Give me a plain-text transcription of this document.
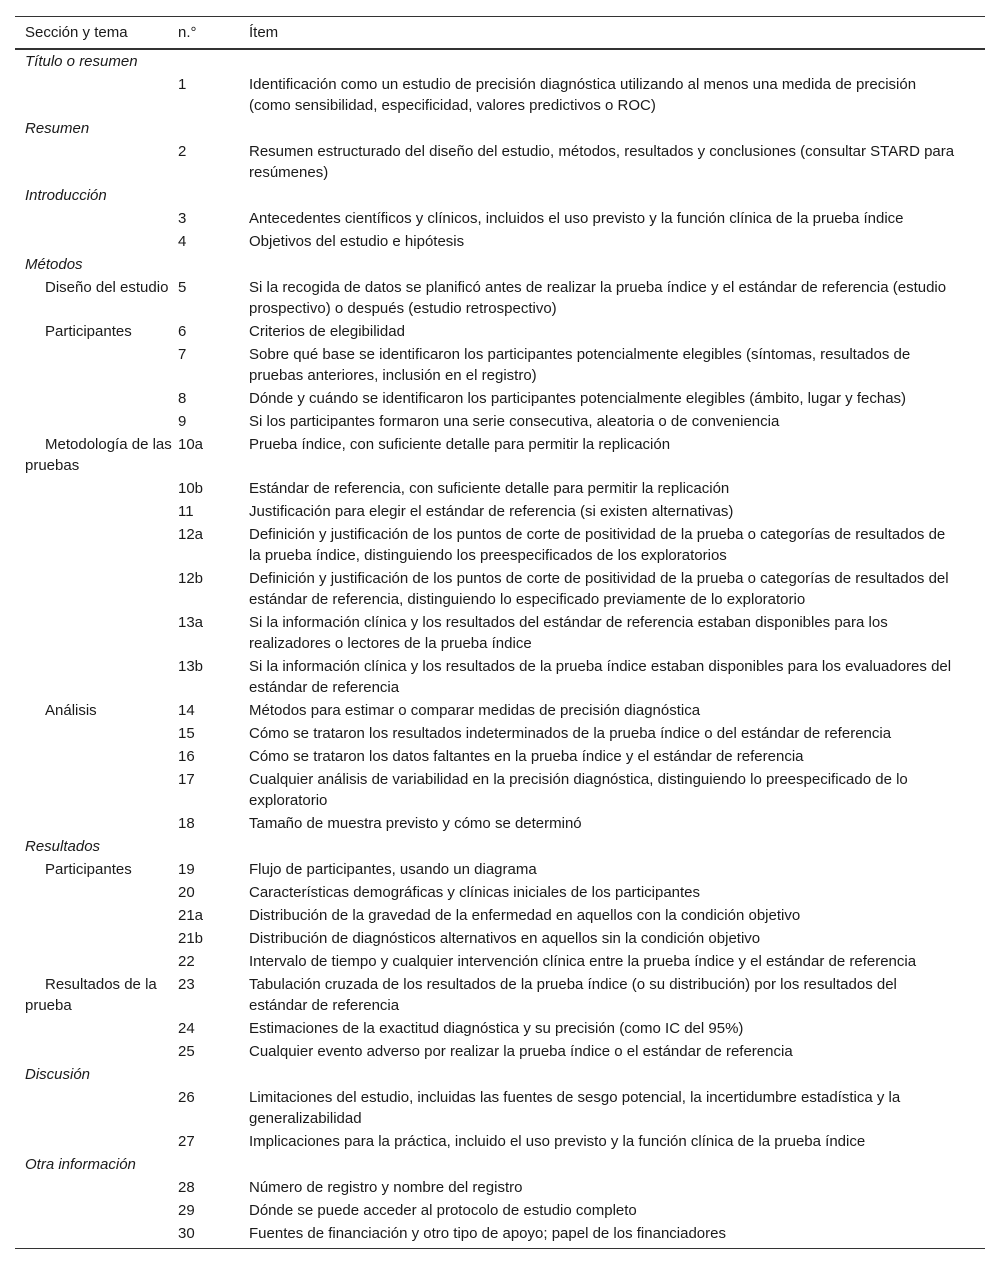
Sección y tema	n.°	Ítem
Título o resumen		
	1	Identificación como un estudio de precisión diagnóstica utilizando al menos una medida de precisión (como sensibilidad, especificidad, valores predictivos o ROC)
Resumen		
	2	Resumen estructurado del diseño del estudio, métodos, resultados y conclusiones (consultar STARD para resúmenes)
Introducción		
	3	Antecedentes científicos y clínicos, incluidos el uso previsto y la función clínica de la prueba índice
	4	Objetivos del estudio e hipótesis
Métodos		
Diseño del estudio	5	Si la recogida de datos se planificó antes de realizar la prueba índice y el estándar de referencia (estudio prospectivo) o después (estudio retrospectivo)
Participantes	6	Criterios de elegibilidad
	7	Sobre qué base se identificaron los participantes potencialmente elegibles (síntomas, resultados de pruebas anteriores, inclusión en el registro)
	8	Dónde y cuándo se identificaron los participantes potencialmente elegibles (ámbito, lugar y fechas)
	9	Si los participantes formaron una serie consecutiva, aleatoria o de conveniencia
Metodología de las pruebas	10a	Prueba índice, con suficiente detalle para permitir la replicación
	10b	Estándar de referencia, con suficiente detalle para permitir la replicación
	11	Justificación para elegir el estándar de referencia (si existen alternativas)
	12a	Definición y justificación de los puntos de corte de positividad de la prueba o categorías de resultados de la prueba índice, distinguiendo los preespecificados de los exploratorios
	12b	Definición y justificación de los puntos de corte de positividad de la prueba o categorías de resultados del estándar de referencia, distinguiendo lo especificado previamente de lo exploratorio
	13a	Si la información clínica y los resultados del estándar de referencia estaban disponibles para los realizadores o lectores de la prueba índice
	13b	Si la información clínica y los resultados de la prueba índice estaban disponibles para los evaluadores del estándar de referencia
Análisis	14	Métodos para estimar o comparar medidas de precisión diagnóstica
	15	Cómo se trataron los resultados indeterminados de la prueba índice o del estándar de referencia
	16	Cómo se trataron los datos faltantes en la prueba índice y el estándar de referencia
	17	Cualquier análisis de variabilidad en la precisión diagnóstica, distinguiendo lo preespecificado de lo exploratorio
	18	Tamaño de muestra previsto y cómo se determinó
Resultados		
Participantes	19	Flujo de participantes, usando un diagrama
	20	Características demográficas y clínicas iniciales de los participantes
	21a	Distribución de la gravedad de la enfermedad en aquellos con la condición objetivo
	21b	Distribución de diagnósticos alternativos en aquellos sin la condición objetivo
	22	Intervalo de tiempo y cualquier intervención clínica entre la prueba índice y el estándar de referencia
Resultados de la prueba	23	Tabulación cruzada de los resultados de la prueba índice (o su distribución) por los resultados del estándar de referencia
	24	Estimaciones de la exactitud diagnóstica y su precisión (como IC del 95%)
	25	Cualquier evento adverso por realizar la prueba índice o el estándar de referencia
Discusión		
	26	Limitaciones del estudio, incluidas las fuentes de sesgo potencial, la incertidumbre estadística y la generalizabilidad
	27	Implicaciones para la práctica, incluido el uso previsto y la función clínica de la prueba índice
Otra información		
	28	Número de registro y nombre del registro
	29	Dónde se puede acceder al protocolo de estudio completo
	30	Fuentes de financiación y otro tipo de apoyo; papel de los financiadores
